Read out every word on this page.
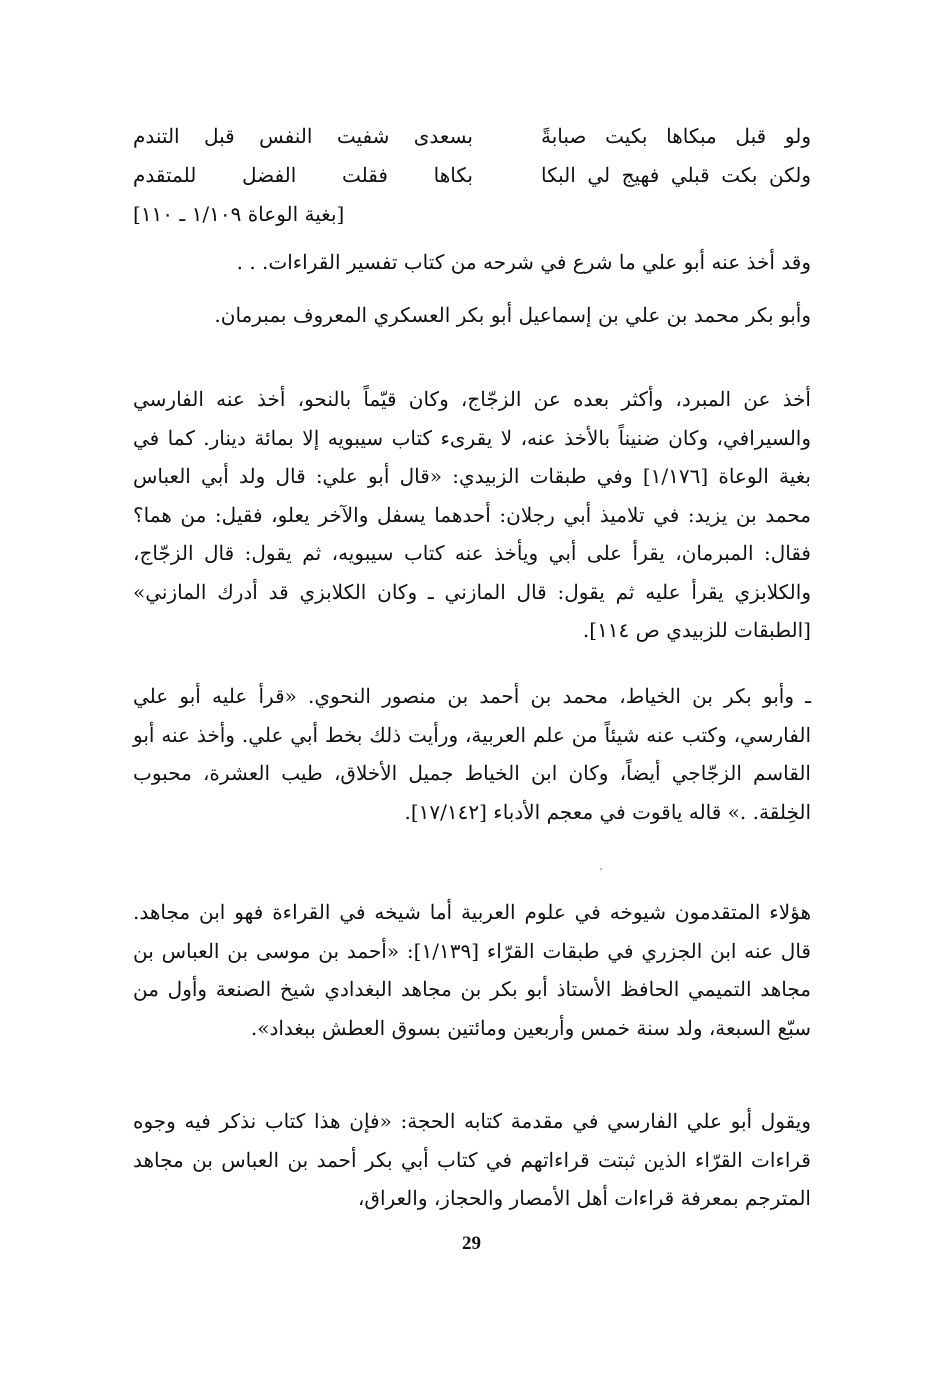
ولو قبل مبكاها بكيت صبابةً
بسعدى شفيت النفس قبل التندم
ولكن بكت قبلي فهيج لي البكا
بكاها فقلت الفضل للمتقدم
[بغية الوعاة ١/١٠٩ ـ ١١٠]

وقد أخذ عنه أبو علي ما شرع في شرحه من كتاب تفسير القراءات. . .

وأبو بكر محمد بن علي بن إسماعيل أبو بكر العسكري المعروف بمبرمان.

أخذ عن المبرد، وأكثر بعده عن الزجّاج، وكان قيّماً بالنحو، أخذ عنه الفارسي والسيرافي، وكان ضنيناً بالأخذ عنه، لا يقرىء كتاب سيبويه إلا بمائة دينار. كما في بغية الوعاة [١/١٧٦] وفي طبقات الزبيدي: «قال أبو علي: قال ولد أبي العباس محمد بن يزيد: في تلاميذ أبي رجلان: أحدهما يسفل والآخر يعلو، فقيل: من هما؟ فقال: المبرمان، يقرأ على أبي ويأخذ عنه كتاب سيبويه، ثم يقول: قال الزجّاج، والكلابزي يقرأ عليه ثم يقول: قال المازني ـ وكان الكلابزي قد أدرك المازني» [الطبقات للزبيدي ص ١١٤].

ـ وأبو بكر بن الخياط، محمد بن أحمد بن منصور النحوي. «قرأ عليه أبو علي الفارسي، وكتب عنه شيئاً من علم العربية، ورأيت ذلك بخط أبي علي. وأخذ عنه أبو القاسم الزجّاجي أيضاً، وكان ابن الخياط جميل الأخلاق، طيب العشرة، محبوب الخِلقة. .» قاله ياقوت في معجم الأدباء [١٧/١٤٢].

هؤلاء المتقدمون شيوخه في علوم العربية أما شيخه في القراءة فهو ابن مجاهد. قال عنه ابن الجزري في طبقات القرّاء [١/١٣٩]: «أحمد بن موسى بن العباس بن مجاهد التميمي الحافظ الأستاذ أبو بكر بن مجاهد البغدادي شيخ الصنعة وأول من سبّع السبعة، ولد سنة خمس وأربعين ومائتين بسوق العطش ببغداد».

ويقول أبو علي الفارسي في مقدمة كتابه الحجة: «فإن هذا كتاب نذكر فيه وجوه قراءات القرّاء الذين ثبتت قراءاتهم في كتاب أبي بكر أحمد بن العباس بن مجاهد المترجم بمعرفة قراءات أهل الأمصار والحجاز، والعراق،

29
